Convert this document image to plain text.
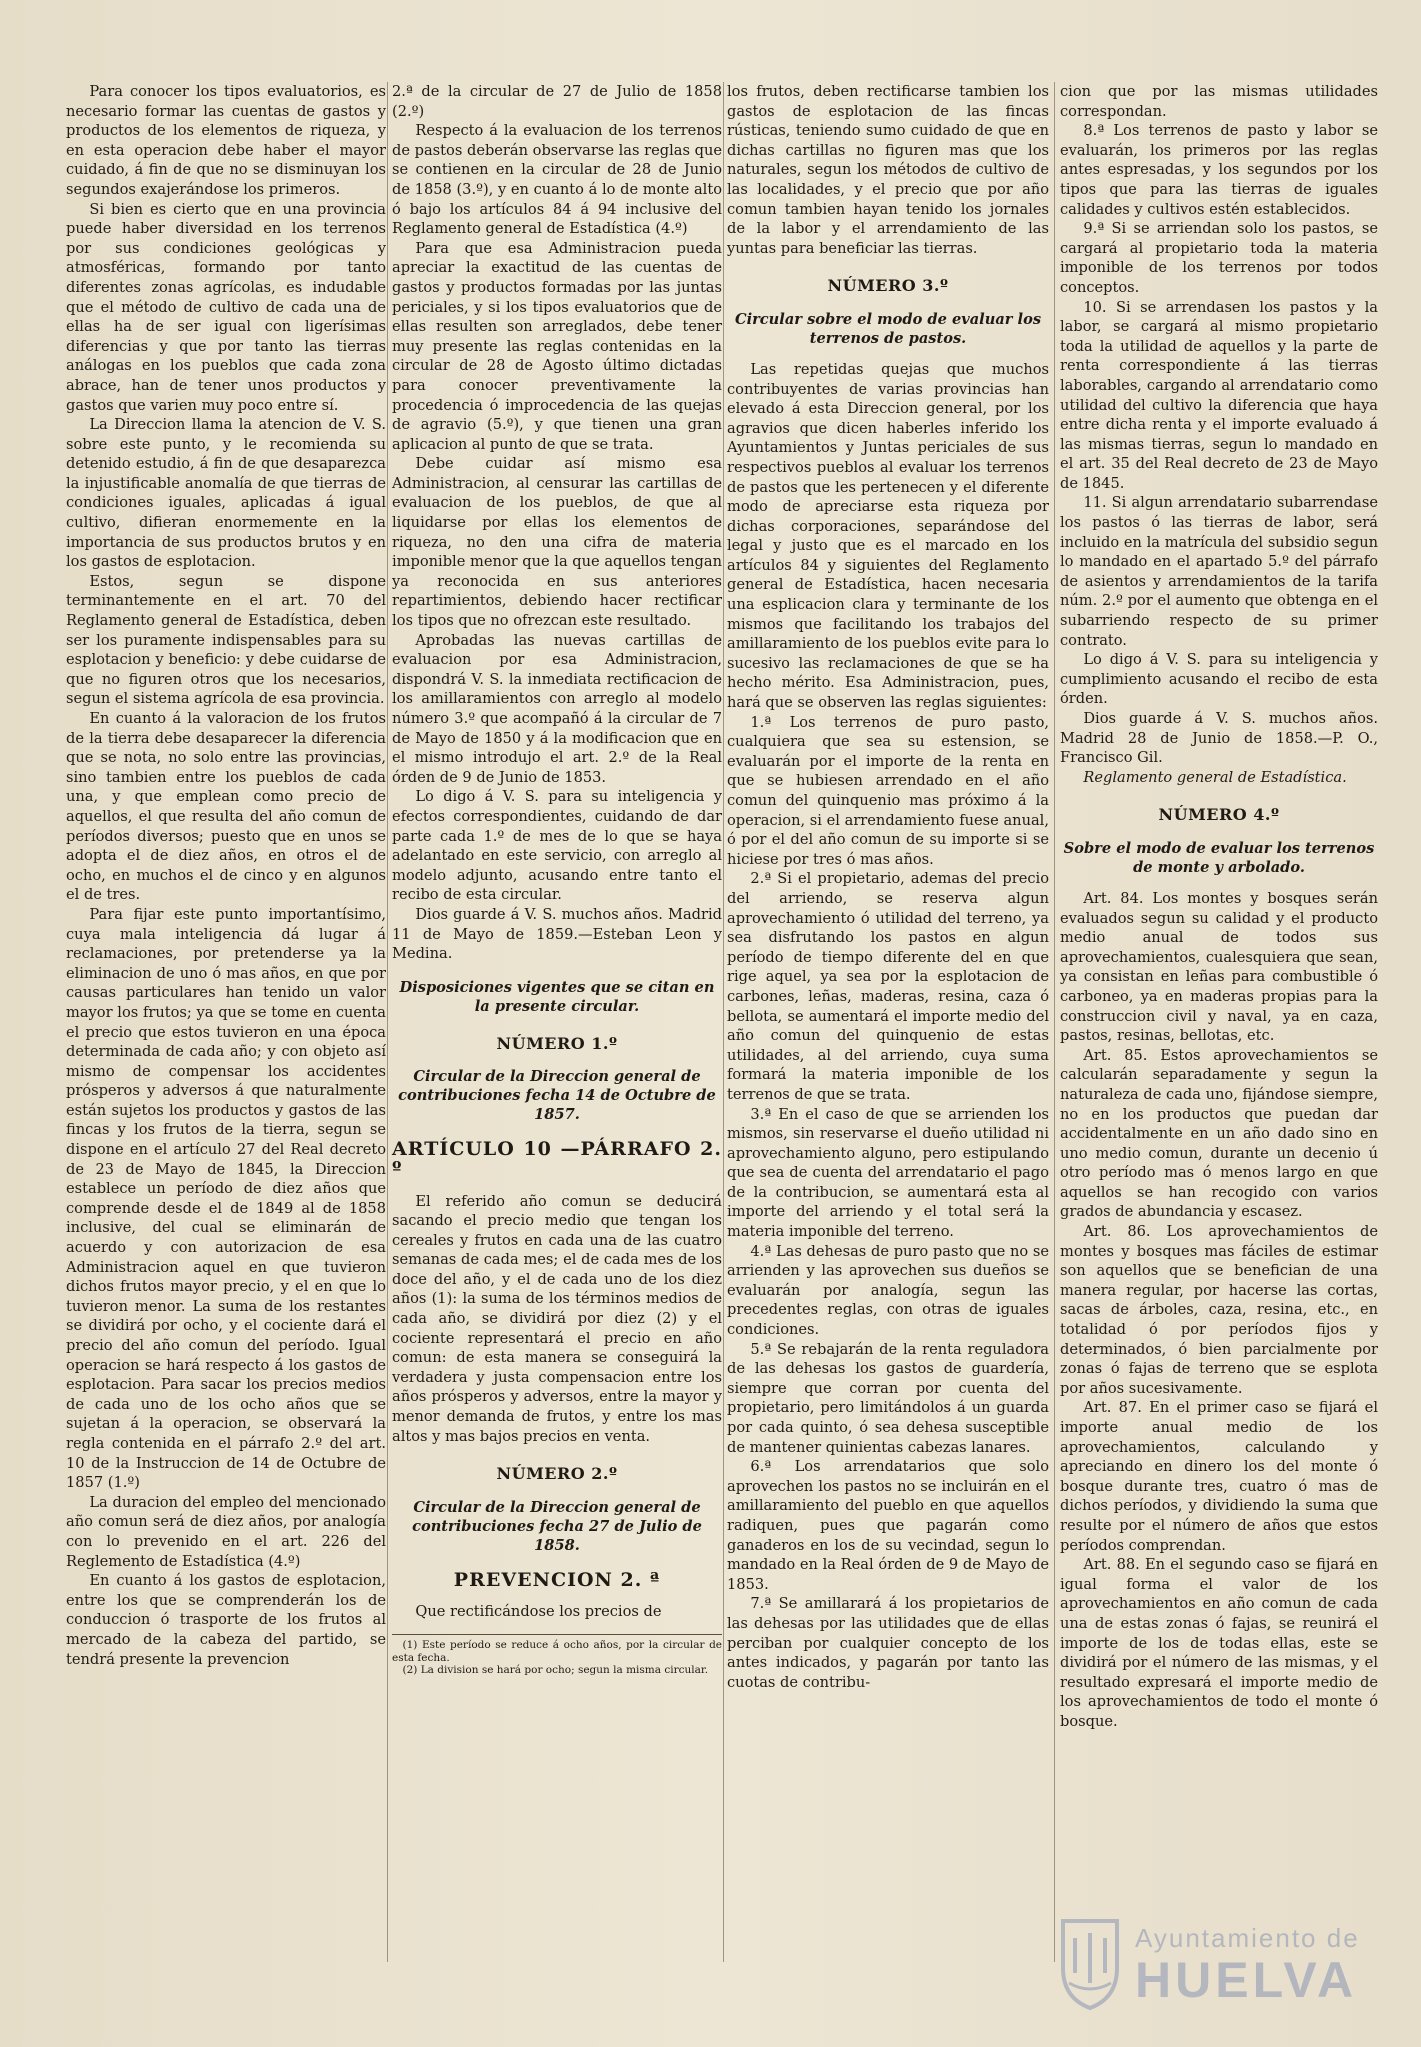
Para conocer los tipos evaluatorios, es necesario formar las cuentas de gastos y productos de los elementos de riqueza, y en esta operacion debe haber el mayor cuidado, á fin de que no se disminuyan los segundos exajerándose los primeros.

Si bien es cierto que en una provincia puede haber diversidad en los terrenos por sus condiciones geológicas y atmosféricas, formando por tanto diferentes zonas agrícolas, es indudable que el método de cultivo de cada una de ellas ha de ser igual con ligerísimas diferencias y que por tanto las tierras análogas en los pueblos que cada zona abrace, han de tener unos productos y gastos que varien muy poco entre sí.

La Direccion llama la atencion de V. S. sobre este punto, y le recomienda su detenido estudio, á fin de que desaparezca la injustificable anomalía de que tierras de condiciones iguales, aplicadas á igual cultivo, difieran enormemente en la importancia de sus productos brutos y en los gastos de esplotacion.

Estos, segun se dispone terminantemente en el art. 70 del Reglamento general de Estadística, deben ser los puramente indispensables para su esplotacion y beneficio: y debe cuidarse de que no figuren otros que los necesarios, segun el sistema agrícola de esa provincia.

En cuanto á la valoracion de los frutos de la tierra debe desaparecer la diferencia que se nota, no solo entre las provincias, sino tambien entre los pueblos de cada una, y que emplean como precio de aquellos, el que resulta del año comun de períodos diversos; puesto que en unos se adopta el de diez años, en otros el de ocho, en muchos el de cinco y en algunos el de tres.

Para fijar este punto importantísimo, cuya mala inteligencia dá lugar á reclamaciones, por pretenderse ya la eliminacion de uno ó mas años, en que por causas particulares han tenido un valor mayor los frutos; ya que se tome en cuenta el precio que estos tuvieron en una época determinada de cada año; y con objeto así mismo de compensar los accidentes prósperos y adversos á que naturalmente están sujetos los productos y gastos de las fincas y los frutos de la tierra, segun se dispone en el artículo 27 del Real decreto de 23 de Mayo de 1845, la Direccion establece un período de diez años que comprende desde el de 1849 al de 1858 inclusive, del cual se eliminarán de acuerdo y con autorizacion de esa Administracion aquel en que tuvieron dichos frutos mayor precio, y el en que lo tuvieron menor. La suma de los restantes se dividirá por ocho, y el cociente dará el precio del año comun del período. Igual operacion se hará respecto á los gastos de esplotacion. Para sacar los precios medios de cada uno de los ocho años que se sujetan á la operacion, se observará la regla contenida en el párrafo 2.º del art. 10 de la Instruccion de 14 de Octubre de 1857 (1.º)

La duracion del empleo del mencionado año comun será de diez años, por analogía con lo prevenido en el art. 226 del Reglemento de Estadística (4.º)

En cuanto á los gastos de esplotacion, entre los que se comprenderán los de conduccion ó trasporte de los frutos al mercado de la cabeza del partido, se tendrá presente la prevencion

2.ª de la circular de 27 de Julio de 1858 (2.º)

Respecto á la evaluacion de los terrenos de pastos deberán observarse las reglas que se contienen en la circular de 28 de Junio de 1858 (3.º), y en cuanto á lo de monte alto ó bajo los artículos 84 á 94 inclusive del Reglamento general de Estadística (4.º)

Para que esa Administracion pueda apreciar la exactitud de las cuentas de gastos y productos formadas por las juntas periciales, y si los tipos evaluatorios que de ellas resulten son arreglados, debe tener muy presente las reglas contenidas en la circular de 28 de Agosto último dictadas para conocer preventivamente la procedencia ó improcedencia de las quejas de agravio (5.º), y que tienen una gran aplicacion al punto de que se trata.

Debe cuidar así mismo esa Administracion, al censurar las cartillas de evaluacion de los pueblos, de que al liquidarse por ellas los elementos de riqueza, no den una cifra de materia imponible menor que la que aquellos tengan ya reconocida en sus anteriores repartimientos, debiendo hacer rectificar los tipos que no ofrezcan este resultado.

Aprobadas las nuevas cartillas de evaluacion por esa Administracion, dispondrá V. S. la inmediata rectificacion de los amillaramientos con arreglo al modelo número 3.º que acompañó á la circular de 7 de Mayo de 1850 y á la modificacion que en el mismo introdujo el art. 2.º de la Real órden de 9 de Junio de 1853.

Lo digo á V. S. para su inteligencia y efectos correspondientes, cuidando de dar parte cada 1.º de mes de lo que se haya adelantado en este servicio, con arreglo al modelo adjunto, acusando entre tanto el recibo de esta circular.

Dios guarde á V. S. muchos años. Madrid 11 de Mayo de 1859.—Esteban Leon y Medina.

Disposiciones vigentes que se citan en la presente circular.

NÚMERO 1.º

Circular de la Direccion general de contribuciones fecha 14 de Octubre de 1857.

ARTÍCULO 10 —PÁRRAFO 2. º

El referido año comun se deducirá sacando el precio medio que tengan los cereales y frutos en cada una de las cuatro semanas de cada mes; el de cada mes de los doce del año, y el de cada uno de los diez años (1): la suma de los términos medios de cada año, se dividirá por diez (2) y el cociente representará el precio en año comun: de esta manera se conseguirá la verdadera y justa compensacion entre los años prósperos y adversos, entre la mayor y menor demanda de frutos, y entre los mas altos y mas bajos precios en venta.

NÚMERO 2.º

Circular de la Direccion general de contribuciones fecha 27 de Julio de 1858.

PREVENCION 2. ª

Que rectificándose los precios de

(1) Este período se reduce á ocho años, por la circular de esta fecha.

(2) La division se hará por ocho; segun la misma circular.

los frutos, deben rectificarse tambien los gastos de esplotacion de las fincas rústicas, teniendo sumo cuidado de que en dichas cartillas no figuren mas que los naturales, segun los métodos de cultivo de las localidades, y el precio que por año comun tambien hayan tenido los jornales de la labor y el arrendamiento de las yuntas para beneficiar las tierras.

NÚMERO 3.º

Circular sobre el modo de evaluar los terrenos de pastos.

Las repetidas quejas que muchos contribuyentes de varias provincias han elevado á esta Direccion general, por los agravios que dicen haberles inferido los Ayuntamientos y Juntas periciales de sus respectivos pueblos al evaluar los terrenos de pastos que les pertenecen y el diferente modo de apreciarse esta riqueza por dichas corporaciones, separándose del legal y justo que es el marcado en los artículos 84 y siguientes del Reglamento general de Estadística, hacen necesaria una esplicacion clara y terminante de los mismos que facilitando los trabajos del amillaramiento de los pueblos evite para lo sucesivo las reclamaciones de que se ha hecho mérito. Esa Administracion, pues, hará que se observen las reglas siguientes:

1.ª Los terrenos de puro pasto, cualquiera que sea su estension, se evaluarán por el importe de la renta en que se hubiesen arrendado en el año comun del quinquenio mas próximo á la operacion, si el arrendamiento fuese anual, ó por el del año comun de su importe si se hiciese por tres ó mas años.

2.ª Si el propietario, ademas del precio del arriendo, se reserva algun aprovechamiento ó utilidad del terreno, ya sea disfrutando los pastos en algun período de tiempo diferente del en que rige aquel, ya sea por la esplotacion de carbones, leñas, maderas, resina, caza ó bellota, se aumentará el importe medio del año comun del quinquenio de estas utilidades, al del arriendo, cuya suma formará la materia imponible de los terrenos de que se trata.

3.ª En el caso de que se arrienden los mismos, sin reservarse el dueño utilidad ni aprovechamiento alguno, pero estipulando que sea de cuenta del arrendatario el pago de la contribucion, se aumentará esta al importe del arriendo y el total será la materia imponible del terreno.

4.ª Las dehesas de puro pasto que no se arrienden y las aprovechen sus dueños se evaluarán por analogía, segun las precedentes reglas, con otras de iguales condiciones.

5.ª Se rebajarán de la renta reguladora de las dehesas los gastos de guardería, siempre que corran por cuenta del propietario, pero limitándolos á un guarda por cada quinto, ó sea dehesa susceptible de mantener quinientas cabezas lanares.

6.ª Los arrendatarios que solo aprovechen los pastos no se incluirán en el amillaramiento del pueblo en que aquellos radiquen, pues que pagarán como ganaderos en los de su vecindad, segun lo mandado en la Real órden de 9 de Mayo de 1853.

7.ª Se amillarará á los propietarios de las dehesas por las utilidades que de ellas perciban por cualquier concepto de los antes indicados, y pagarán por tanto las cuotas de contribu-

cion que por las mismas utilidades correspondan.

8.ª Los terrenos de pasto y labor se evaluarán, los primeros por las reglas antes espresadas, y los segundos por los tipos que para las tierras de iguales calidades y cultivos estén establecidos.

9.ª Si se arriendan solo los pastos, se cargará al propietario toda la materia imponible de los terrenos por todos conceptos.

10. Si se arrendasen los pastos y la labor, se cargará al mismo propietario toda la utilidad de aquellos y la parte de renta correspondiente á las tierras laborables, cargando al arrendatario como utilidad del cultivo la diferencia que haya entre dicha renta y el importe evaluado á las mismas tierras, segun lo mandado en el art. 35 del Real decreto de 23 de Mayo de 1845.

11. Si algun arrendatario subarrendase los pastos ó las tierras de labor, será incluido en la matrícula del subsidio segun lo mandado en el apartado 5.º del párrafo de asientos y arrendamientos de la tarifa núm. 2.º por el aumento que obtenga en el subarriendo respecto de su primer contrato.

Lo digo á V. S. para su inteligencia y cumplimiento acusando el recibo de esta órden.

Dios guarde á V. S. muchos años. Madrid 28 de Junio de 1858.—P. O., Francisco Gil.

Reglamento general de Estadística.

NÚMERO 4.º

Sobre el modo de evaluar los terrenos de monte y arbolado.

Art. 84. Los montes y bosques serán evaluados segun su calidad y el producto medio anual de todos sus aprovechamientos, cualesquiera que sean, ya consistan en leñas para combustible ó carboneo, ya en maderas propias para la construccion civil y naval, ya en caza, pastos, resinas, bellotas, etc.

Art. 85. Estos aprovechamientos se calcularán separadamente y segun la naturaleza de cada uno, fijándose siempre, no en los productos que puedan dar accidentalmente en un año dado sino en uno medio comun, durante un decenio ú otro período mas ó menos largo en que aquellos se han recogido con varios grados de abundancia y escasez.

Art. 86. Los aprovechamientos de montes y bosques mas fáciles de estimar son aquellos que se benefician de una manera regular, por hacerse las cortas, sacas de árboles, caza, resina, etc., en totalidad ó por períodos fijos y determinados, ó bien parcialmente por zonas ó fajas de terreno que se esplota por años sucesivamente.

Art. 87. En el primer caso se fijará el importe anual medio de los aprovechamientos, calculando y apreciando en dinero los del monte ó bosque durante tres, cuatro ó mas de dichos períodos, y dividiendo la suma que resulte por el número de años que estos períodos comprendan.

Art. 88. En el segundo caso se fijará en igual forma el valor de los aprovechamientos en año comun de cada una de estas zonas ó fajas, se reunirá el importe de los de todas ellas, este se dividirá por el número de las mismas, y el resultado expresará el importe medio de los aprovechamientos de todo el monte ó bosque.

Ayuntamiento de
HUELVA
